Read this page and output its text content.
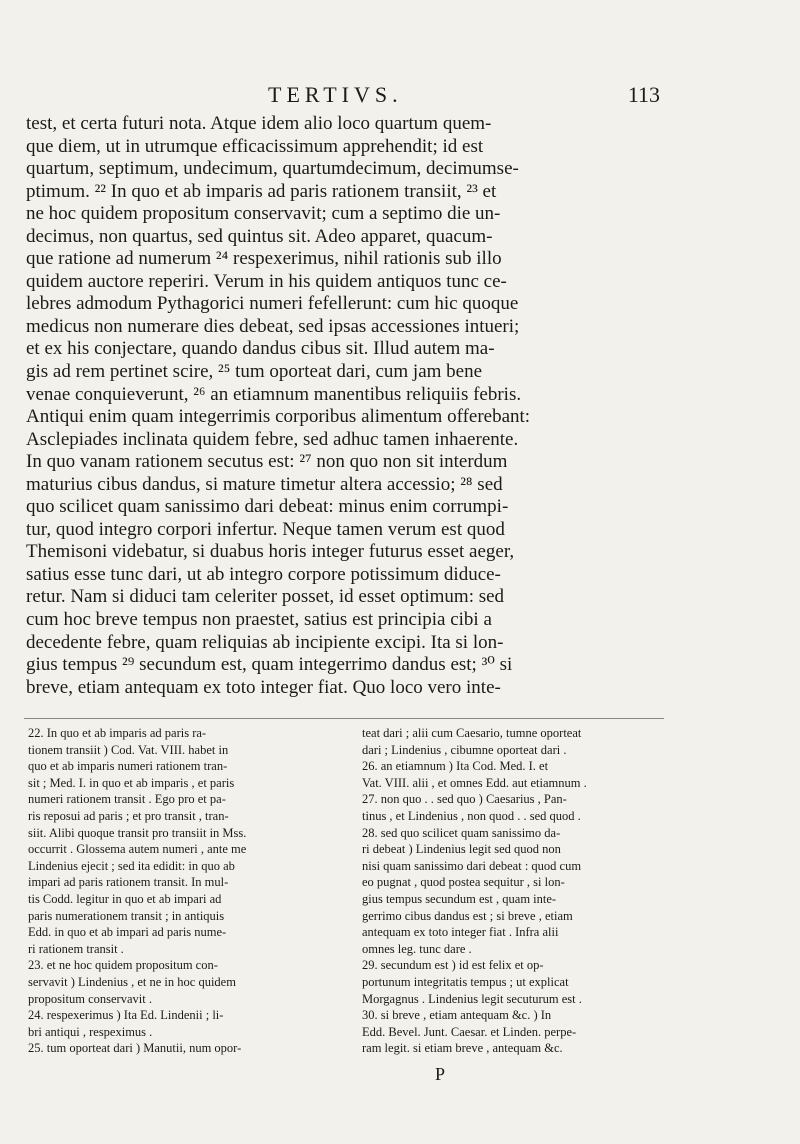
TERTIVS.	113
test, et certa futuri nota. Atque idem alio loco quartum quem-
que diem, ut in utrumque efficacissimum apprehendit; id est
quartum, septimum, undecimum, quartumdecimum, decimumse-
ptimum. ²² In quo et ab imparis ad paris rationem transiit, ²³ et
ne hoc quidem propositum conservavit; cum a septimo die un-
decimus, non quartus, sed quintus sit. Adeo apparet, quacum-
que ratione ad numerum ²⁴ respexerimus, nihil rationis sub illo
quidem auctore reperiri. Verum in his quidem antiquos tunc ce-
lebres admodum Pythagorici numeri fefellerunt: cum hic quoque
medicus non numerare dies debeat, sed ipsas accessiones intueri;
et ex his conjectare, quando dandus cibus sit. Illud autem ma-
gis ad rem pertinet scire, ²⁵ tum oporteat dari, cum jam bene
venae conquieverunt, ²⁶ an etiamnum manentibus reliquiis febris.
Antiqui enim quam integerrimis corporibus alimentum offerebant:
Asclepiades inclinata quidem febre, sed adhuc tamen inhaerente.
In quo vanam rationem secutus est: ²⁷ non quo non sit interdum
maturius cibus dandus, si mature timetur altera accessio; ²⁸ sed
quo scilicet quam sanissimo dari debeat: minus enim corrumpi-
tur, quod integro corpori infertur. Neque tamen verum est quod
Themisoni videbatur, si duabus horis integer futurus esset aeger,
satius esse tunc dari, ut ab integro corpore potissimum diduce-
retur. Nam si diduci tam celeriter posset, id esset optimum: sed
cum hoc breve tempus non praestet, satius est principia cibi a
decedente febre, quam reliquias ab incipiente excipi. Ita si lon-
gius tempus ²⁹ secundum est, quam integerrimo dandus est; ³⁰ si
breve, etiam antequam ex toto integer fiat. Quo loco vero inte-
22. In quo et ab imparis ad paris ra-
tionem transiit ) Cod. Vat. VIII. habet in
quo et ab imparis numeri rationem tran-
sit ; Med. I. in quo et ab imparis , et paris
numeri rationem transit . Ego pro et pa-
ris reposui ad paris ; et pro transit , tran-
siit. Alibi quoque transit pro transiit in Mss.
occurrit . Glossema autem numeri , ante me
Lindenius ejecit ; sed ita edidit: in quo ab
impari ad paris rationem transit. In mul-
tis Codd. legitur in quo et ab impari ad
paris numerationem transit ; in antiquis
Edd. in quo et ab impari ad paris nume-
ri rationem transit .
23. et ne hoc quidem propositum con-
servavit ) Lindenius , et ne in hoc quidem
propositum conservavit .
24. respexerimus ) Ita Ed. Lindenii ; li-
bri antiqui , respeximus .
25. tum oporteat dari ) Manutii, num opor-
teat dari ; alii cum Caesario, tumne oporteat
dari ; Lindenius , cibumne oporteat dari .
26. an etiamnum ) Ita Cod. Med. I. et
Vat. VIII. alii , et omnes Edd. aut etiamnum .
27. non quo . . sed quo ) Caesarius , Pan-
tinus , et Lindenius , non quod . . sed quod .
28. sed quo scilicet quam sanissimo da-
ri debeat ) Lindenius legit sed quod non
nisi quam sanissimo dari debeat : quod cum
eo pugnat , quod postea sequitur , si lon-
gius tempus secundum est , quam inte-
gerrimo cibus dandus est ; si breve , etiam
antequam ex toto integer fiat . Infra alii
omnes leg. tunc dare .
29. secundum est ) id est felix et op-
portunum integritatis tempus ; ut explicat
Morgagnus . Lindenius legit secuturum est .
30. si breve , etiam antequam &c. ) In
Edd. Bevel. Junt. Caesar. et Linden. perpe-
ram legit. si etiam breve , antequam &c.
P
